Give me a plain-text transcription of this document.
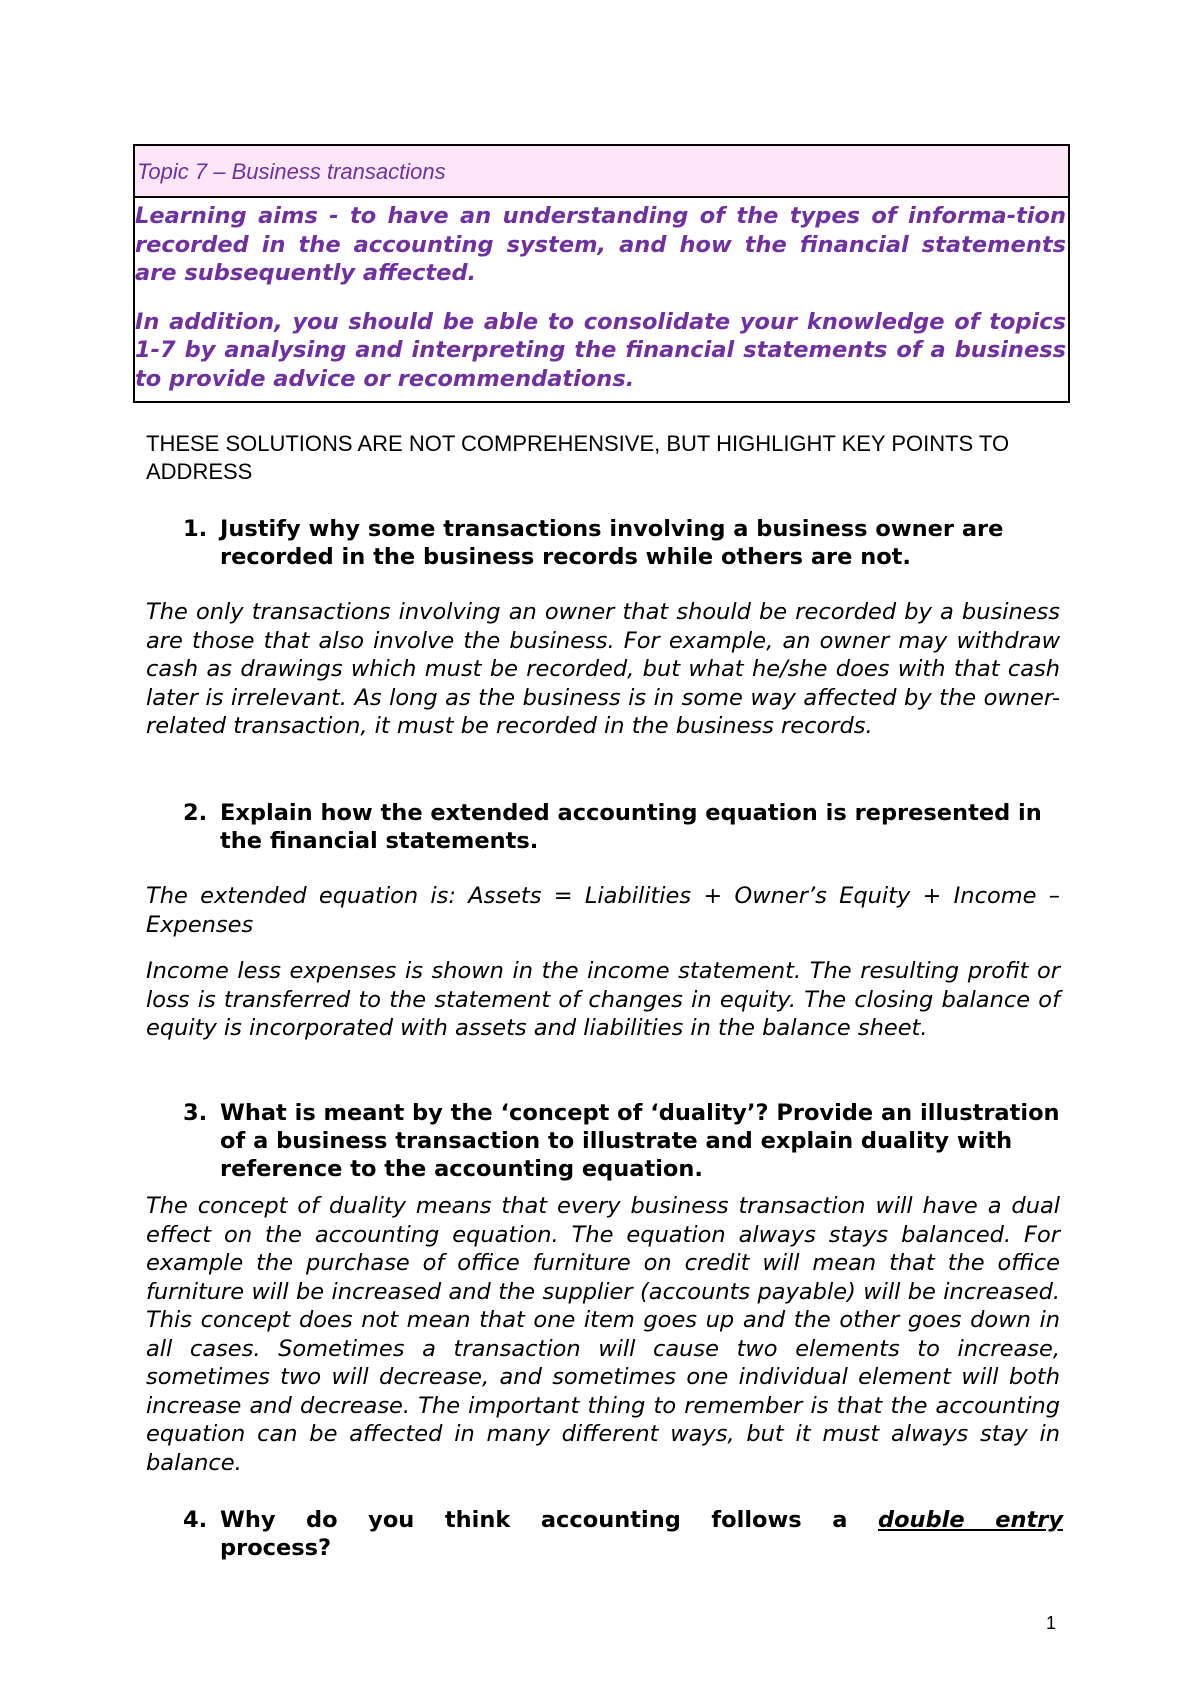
Topic 7 – Business transactions

Learning aims - to have an understanding of the types of informa-tion recorded in the accounting system, and how the financial statements are subsequently affected.

In addition, you should be able to consolidate your knowledge of topics 1-7 by analysing and interpreting the financial statements of a business to provide advice or recommendations.

THESE SOLUTIONS ARE NOT COMPREHENSIVE, BUT HIGHLIGHT KEY POINTS TO ADDRESS
1. Justify why some transactions involving a business owner are recorded in the business records while others are not.

The only transactions involving an owner that should be recorded by a business are those that also involve the business. For example, an owner may withdraw cash as drawings which must be recorded, but what he/she does with that cash later is irrelevant. As long as the business is in some way affected by the owner-related transaction, it must be recorded in the business records.

2. Explain how the extended accounting equation is represented in the financial statements.

The extended equation is: Assets = Liabilities + Owner’s Equity + Income – Expenses

Income less expenses is shown in the income statement. The resulting profit or loss is transferred to the statement of changes in equity. The closing balance of equity is incorporated with assets and liabilities in the balance sheet.

3. What is meant by the ‘concept of ‘duality’? Provide an illustration of a business transaction to illustrate and explain duality with reference to the accounting equation.

The concept of duality means that every business transaction will have a dual effect on the accounting equation. The equation always stays balanced. For example the purchase of office furniture on credit will mean that the office furniture will be increased and the supplier (accounts payable) will be increased. This concept does not mean that one item goes up and the other goes down in all cases. Sometimes a transaction will cause two elements to increase, sometimes two will decrease, and sometimes one individual element will both increase and decrease. The important thing to remember is that the accounting equation can be affected in many different ways, but it must always stay in balance.

4. Why do you think accounting follows a double entry
process?
1
